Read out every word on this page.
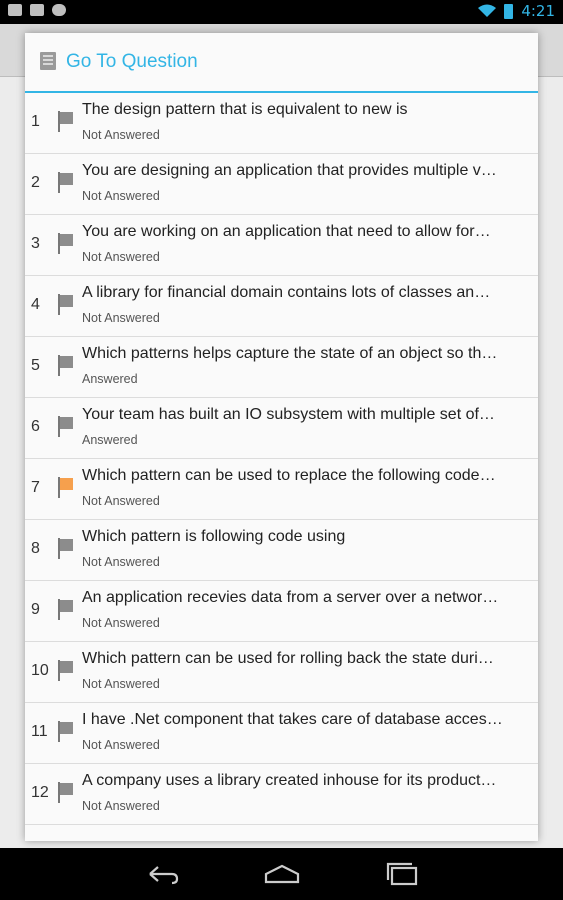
4:21
Go To Question
1
The design pattern that is equivalent to new is
Not Answered
2
You are designing an application that provides multiple v…
Not Answered
3
You are working on an application that need to allow for…
Not Answered
4
A library for financial domain contains lots of classes an…
Not Answered
5
Which patterns helps capture the state of an object so th…
Answered
6
Your team has built an IO subsystem with multiple set of…
Answered
7
Which pattern can be used to replace the following code…
Not Answered
8
Which pattern is following code using
Not Answered
9
An application recevies data from a server over a networ…
Not Answered
10
Which pattern can be used for rolling back the state duri…
Not Answered
11
I have .Net component that takes care of database acces…
Not Answered
12
A company uses a library created inhouse for its product…
Not Answered
